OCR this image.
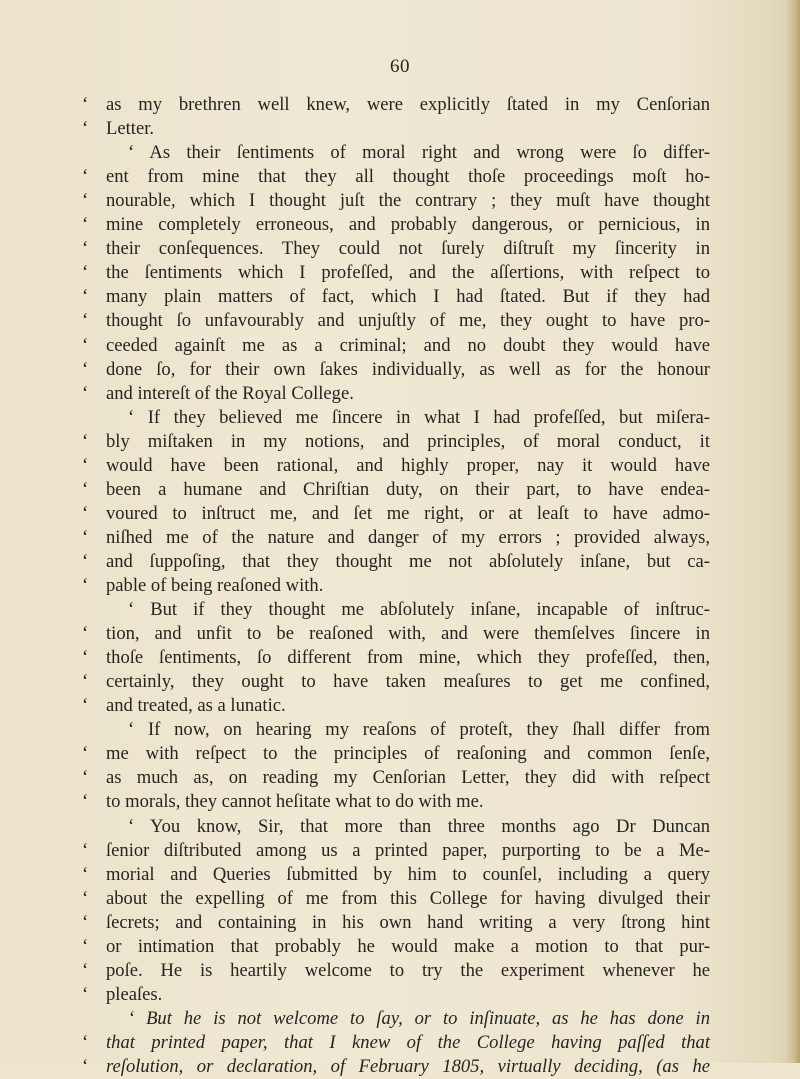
60
‘ as my brethren well knew, were explicitly ſtated in my Cenſorian
‘ Letter.
‘ As their ſentiments of moral right and wrong were ſo differ-
‘ ent from mine that they all thought thoſe proceedings moſt ho-
‘ nourable, which I thought juſt the contrary ; they muſt have thought
‘ mine completely erroneous, and probably dangerous, or pernicious, in
‘ their conſequences. They could not ſurely diſtruſt my ſincerity in
‘ the ſentiments which I profeſſed, and the aſſertions, with reſpect to
‘ many plain matters of fact, which I had ſtated. But if they had
‘ thought ſo unfavourably and unjuſtly of me, they ought to have pro-
‘ ceeded againſt me as a criminal; and no doubt they would have
‘ done ſo, for their own ſakes individually, as well as for the honour
‘ and intereſt of the Royal College.
‘ If they believed me ſincere in what I had profeſſed, but miſera-
‘ bly miſtaken in my notions, and principles, of moral conduct, it
‘ would have been rational, and highly proper, nay it would have
‘ been a humane and Chriſtian duty, on their part, to have endea-
‘ voured to inſtruct me, and ſet me right, or at leaſt to have admo-
‘ niſhed me of the nature and danger of my errors ; provided always,
‘ and ſuppoſing, that they thought me not abſolutely inſane, but ca-
‘ pable of being reaſoned with.
‘ But if they thought me abſolutely inſane, incapable of inſtruc-
‘ tion, and unfit to be reaſoned with, and were themſelves ſincere in
‘ thoſe ſentiments, ſo different from mine, which they profeſſed, then,
‘ certainly, they ought to have taken meaſures to get me confined,
‘ and treated, as a lunatic.
‘ If now, on hearing my reaſons of proteſt, they ſhall differ from
‘ me with reſpect to the principles of reaſoning and common ſenſe,
‘ as much as, on reading my Cenſorian Letter, they did with reſpect
‘ to morals, they cannot heſitate what to do with me.
‘ You know, Sir, that more than three months ago Dr Duncan
‘ ſenior diſtributed among us a printed paper, purporting to be a Me-
‘ morial and Queries ſubmitted by him to counſel, including a query
‘ about the expelling of me from this College for having divulged their
‘ ſecrets; and containing in his own hand writing a very ſtrong hint
‘ or intimation that probably he would make a motion to that pur-
‘ poſe. He is heartily welcome to try the experiment whenever he
‘ pleaſes.
‘ But he is not welcome to ſay, or to inſinuate, as he has done in
‘ that printed paper, that I knew of the College having paſſed that
‘ reſolution, or declaration, of February 1805, virtually deciding, (as he
